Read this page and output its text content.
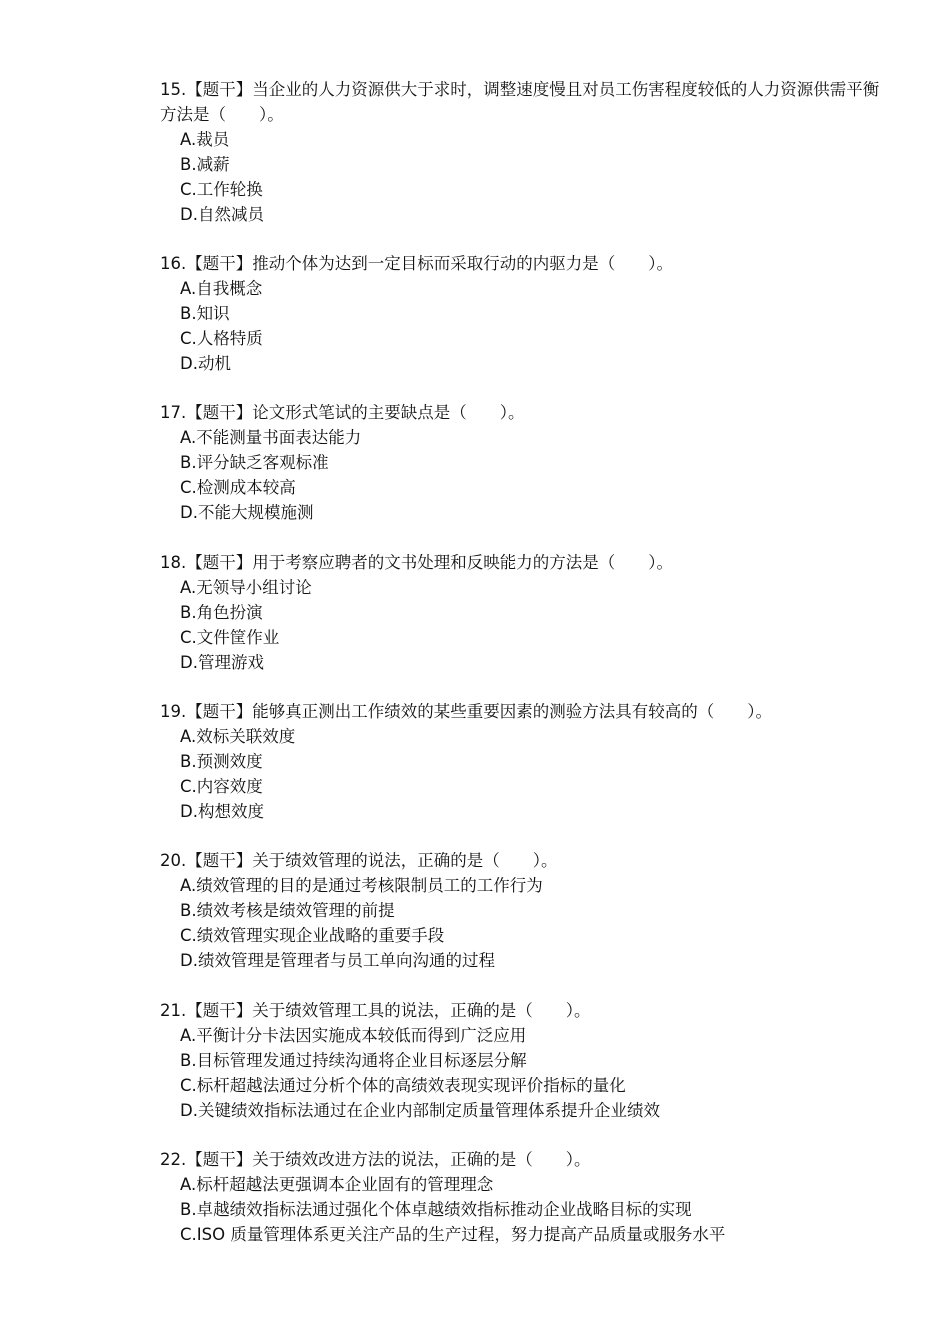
15.【题干】当企业的人力资源供大于求时，调整速度慢且对员工伤害程度较低的人力资源供需平衡方法是（　　）。

A.裁员
B.减薪
C.工作轮换
D.自然减员

16.【题干】推动个体为达到一定目标而采取行动的内驱力是（　　）。

A.自我概念
B.知识
C.人格特质
D.动机

17.【题干】论文形式笔试的主要缺点是（　　）。

A.不能测量书面表达能力
B.评分缺乏客观标准
C.检测成本较高
D.不能大规模施测

18.【题干】用于考察应聘者的文书处理和反映能力的方法是（　　）。

A.无领导小组讨论
B.角色扮演
C.文件筐作业
D.管理游戏

19.【题干】能够真正测出工作绩效的某些重要因素的测验方法具有较高的（　　）。

A.效标关联效度
B.预测效度
C.内容效度
D.构想效度

20.【题干】关于绩效管理的说法，正确的是（　　）。

A.绩效管理的目的是通过考核限制员工的工作行为
B.绩效考核是绩效管理的前提
C.绩效管理实现企业战略的重要手段
D.绩效管理是管理者与员工单向沟通的过程

21.【题干】关于绩效管理工具的说法，正确的是（　　）。

A.平衡计分卡法因实施成本较低而得到广泛应用
B.目标管理发通过持续沟通将企业目标逐层分解
C.标杆超越法通过分析个体的高绩效表现实现评价指标的量化
D.关键绩效指标法通过在企业内部制定质量管理体系提升企业绩效

22.【题干】关于绩效改进方法的说法，正确的是（　　）。

A.标杆超越法更强调本企业固有的管理理念
B.卓越绩效指标法通过强化个体卓越绩效指标推动企业战略目标的实现
C.ISO 质量管理体系更关注产品的生产过程，努力提高产品质量或服务水平
